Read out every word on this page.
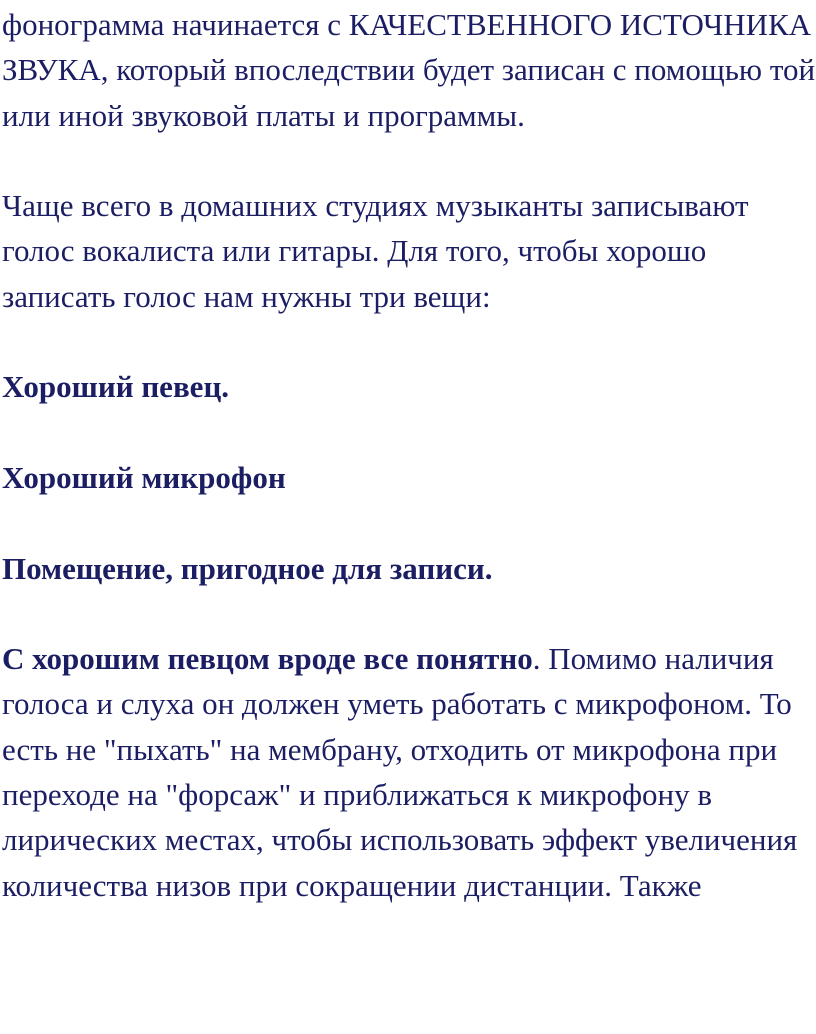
фонограмма начинается с КАЧЕСТВЕННОГО ИСТОЧНИКА ЗВУКА, который впоследствии будет записан с помощью той или иной звуковой платы и программы.

Чаще всего в домашних студиях музыканты записывают голос вокалиста или гитары. Для того, чтобы хорошо записать голос нам нужны три вещи:

Хороший певец.

Хороший микрофон

Помещение, пригодное для записи.

С хорошим певцом вроде все понятно. Помимо наличия голоса и слуха он должен уметь работать с микрофоном. То есть не "пыхать" на мембрану, отходить от микрофона при переходе на "форсаж" и приближаться к микрофону в лирических местах, чтобы использовать эффект увеличения количества низов при сокращении дистанции. Также
